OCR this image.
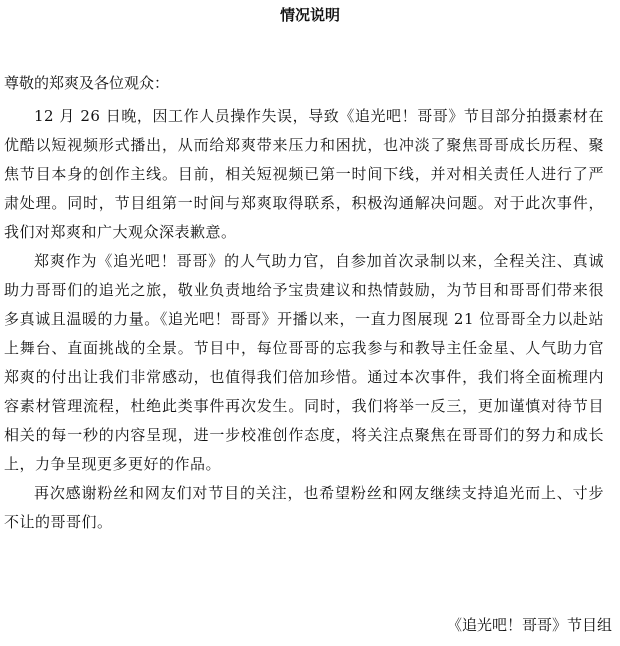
情况说明
尊敬的郑爽及各位观众：

12 月 26 日晚，因工作人员操作失误，导致《追光吧！哥哥》节目部分拍摄素材在优酷以短视频形式播出，从而给郑爽带来压力和困扰，也冲淡了聚焦哥哥成长历程、聚焦节目本身的创作主线。目前，相关短视频已第一时间下线，并对相关责任人进行了严肃处理。同时，节目组第一时间与郑爽取得联系，积极沟通解决问题。对于此次事件，我们对郑爽和广大观众深表歉意。

郑爽作为《追光吧！哥哥》的人气助力官，自参加首次录制以来，全程关注、真诚助力哥哥们的追光之旅，敬业负责地给予宝贵建议和热情鼓励，为节目和哥哥们带来很多真诚且温暖的力量。《追光吧！哥哥》开播以来，一直力图展现 21 位哥哥全力以赴站上舞台、直面挑战的全景。节目中，每位哥哥的忘我参与和教导主任金星、人气助力官郑爽的付出让我们非常感动，也值得我们倍加珍惜。通过本次事件，我们将全面梳理内容素材管理流程，杜绝此类事件再次发生。同时，我们将举一反三，更加谨慎对待节目相关的每一秒的内容呈现，进一步校准创作态度，将关注点聚焦在哥哥们的努力和成长上，力争呈现更多更好的作品。

再次感谢粉丝和网友们对节目的关注，也希望粉丝和网友继续支持追光而上、寸步不让的哥哥们。

《追光吧！哥哥》节目组
